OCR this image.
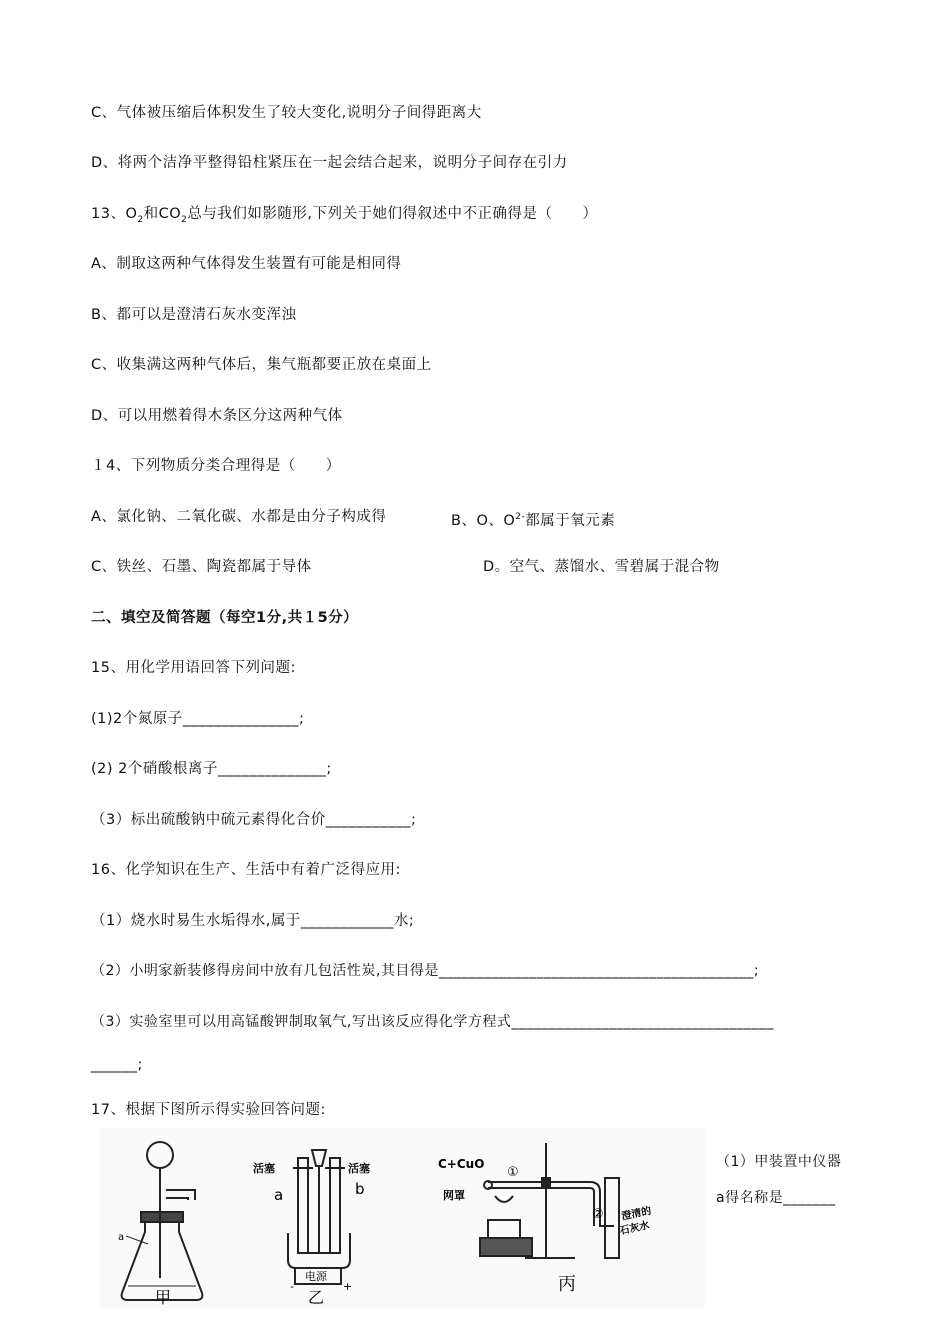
C、气体被压缩后体积发生了较大变化,说明分子间得距离大
D、将两个洁净平整得铅柱紧压在一起会结合起来，说明分子间存在引力
13、$O_2$和$CO_2$总与我们如影随形,下列关于她们得叙述中不正确得是（　　）
A、制取这两种气体得发生装置有可能是相同得
B、都可以是澄清石灰水变浑浊
C、收集满这两种气体后，集气瓶都要正放在桌面上
D、可以用燃着得木条区分这两种气体
１4、下列物质分类合理得是（　　）
A、氯化钠、二氧化碳、水都是由分子构成得	B、O、$O^{2-}$都属于氧元素
C、铁丝、石墨、陶瓷都属于导体	D。空气、蒸馏水、雪碧属于混合物
二、填空及简答题（每空1分,共１5分）
15、用化学用语回答下列问题:
(1)2个氮原子_______________;
(2) 2个硝酸根离子______________;
（3）标出硫酸钠中硫元素得化合价___________;
16、化学知识在生产、生活中有着广泛得应用:
（1）烧水时易生水垢得水,属于____________水;
（2）小明家新装修得房间中放有几包活性炭,其目得是__________________________________________;
（3）实验室里可以用高锰酸钾制取氧气,写出该反应得化学方程式___________________________________
______;
17、根据下图所示得实验回答问题:
（1）甲装置中仪器
a得名称是_______
a
甲
活塞	活塞
a	b
电源
-	+
乙
C+CuO
①
网罩
② 澄清的
石灰水
丙
